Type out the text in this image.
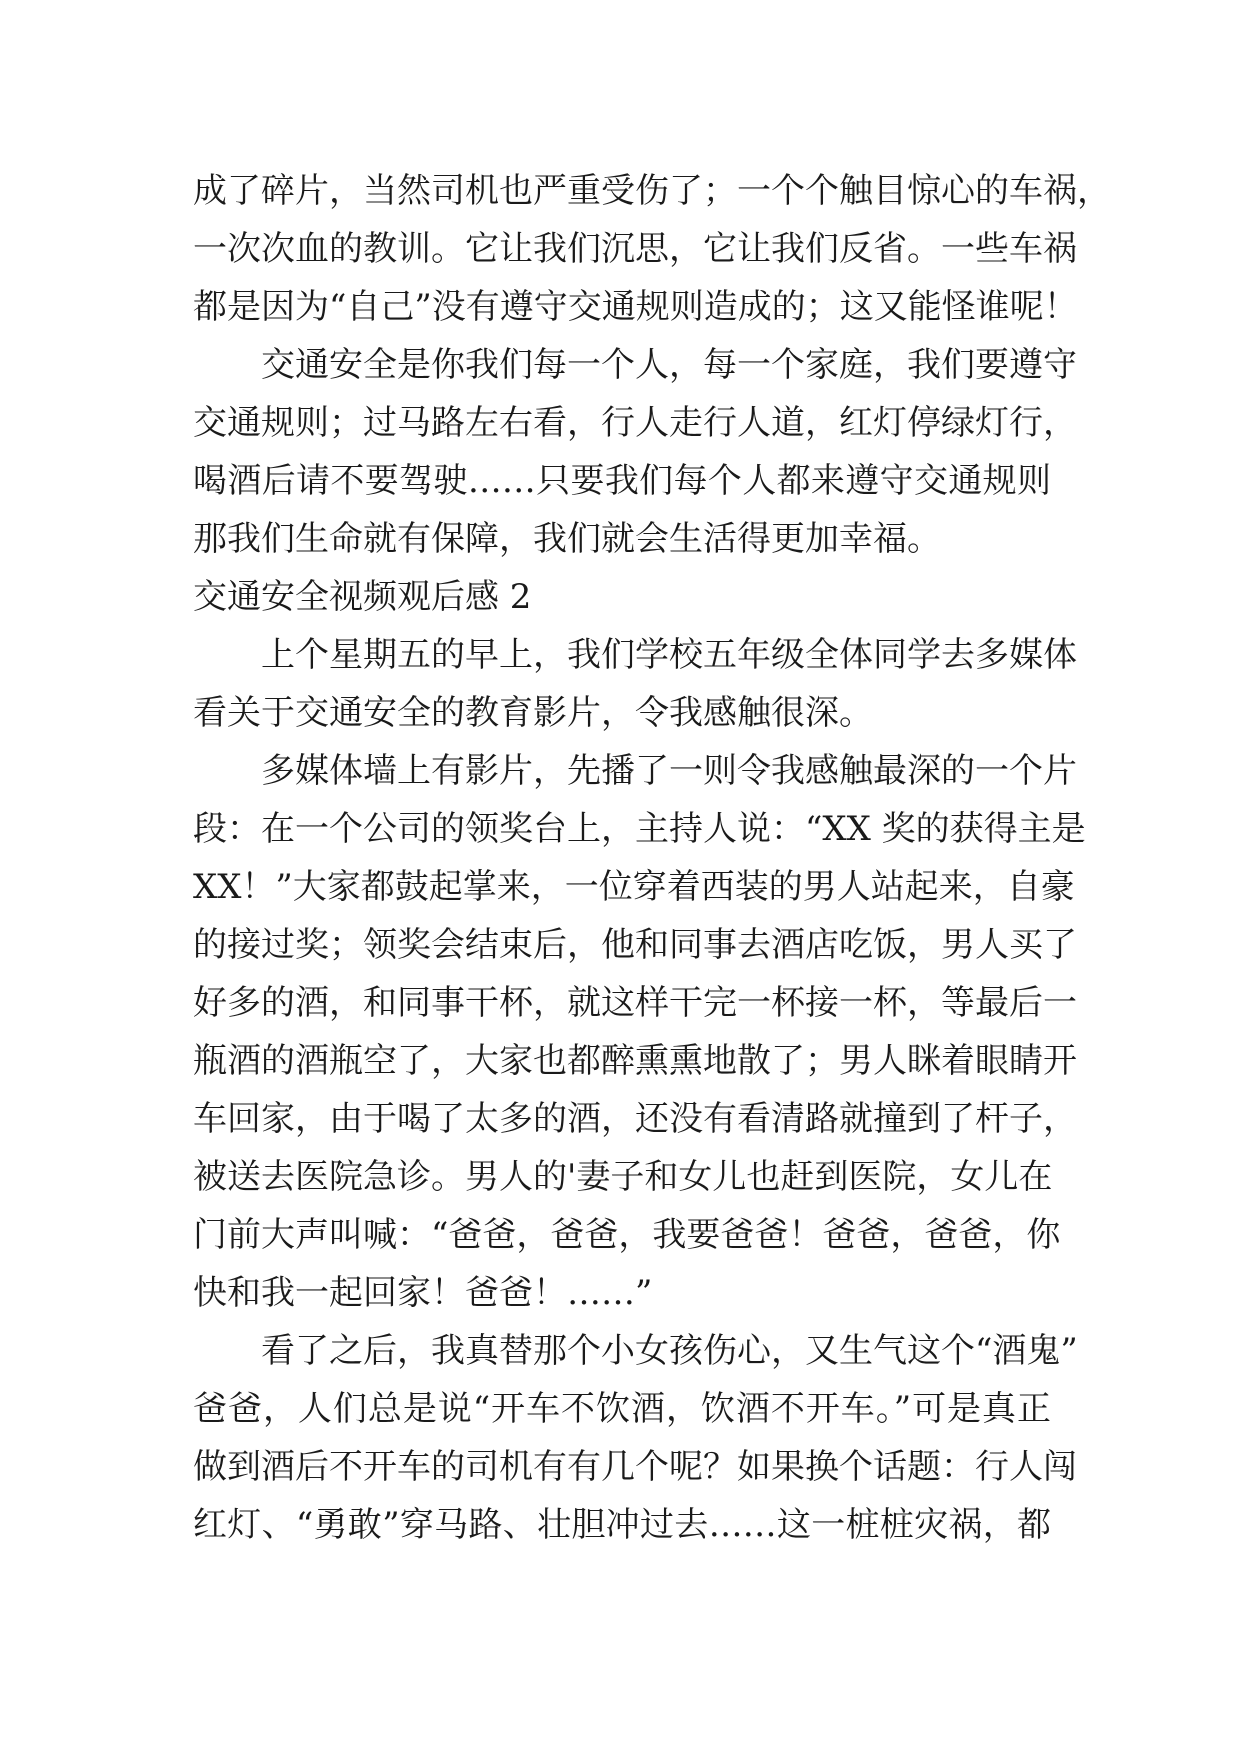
成了碎片，当然司机也严重受伤了；一个个触目惊心的车祸，
一次次血的教训。它让我们沉思，它让我们反省。一些车祸
都是因为“自己”没有遵守交通规则造成的；这又能怪谁呢！
交通安全是你我们每一个人，每一个家庭，我们要遵守
交通规则；过马路左右看，行人走行人道，红灯停绿灯行，
喝酒后请不要驾驶……只要我们每个人都来遵守交通规则
那我们生命就有保障，我们就会生活得更加幸福。
交通安全视频观后感 2
上个星期五的早上，我们学校五年级全体同学去多媒体
看关于交通安全的教育影片，令我感触很深。
多媒体墙上有影片，先播了一则令我感触最深的一个片
段：在一个公司的领奖台上，主持人说：“XX 奖的获得主是
XX！”大家都鼓起掌来，一位穿着西装的男人站起来，自豪
的接过奖；领奖会结束后，他和同事去酒店吃饭，男人买了
好多的酒，和同事干杯，就这样干完一杯接一杯，等最后一
瓶酒的酒瓶空了，大家也都醉熏熏地散了；男人眯着眼睛开
车回家，由于喝了太多的酒，还没有看清路就撞到了杆子，
被送去医院急诊。男人的'妻子和女儿也赶到医院，女儿在
门前大声叫喊：“爸爸，爸爸，我要爸爸！爸爸，爸爸，你
快和我一起回家！爸爸！……”
看了之后，我真替那个小女孩伤心，又生气这个“酒鬼”
爸爸，人们总是说“开车不饮酒，饮酒不开车。”可是真正
做到酒后不开车的司机有有几个呢？如果换个话题：行人闯
红灯、“勇敢”穿马路、壮胆冲过去……这一桩桩灾祸，都
